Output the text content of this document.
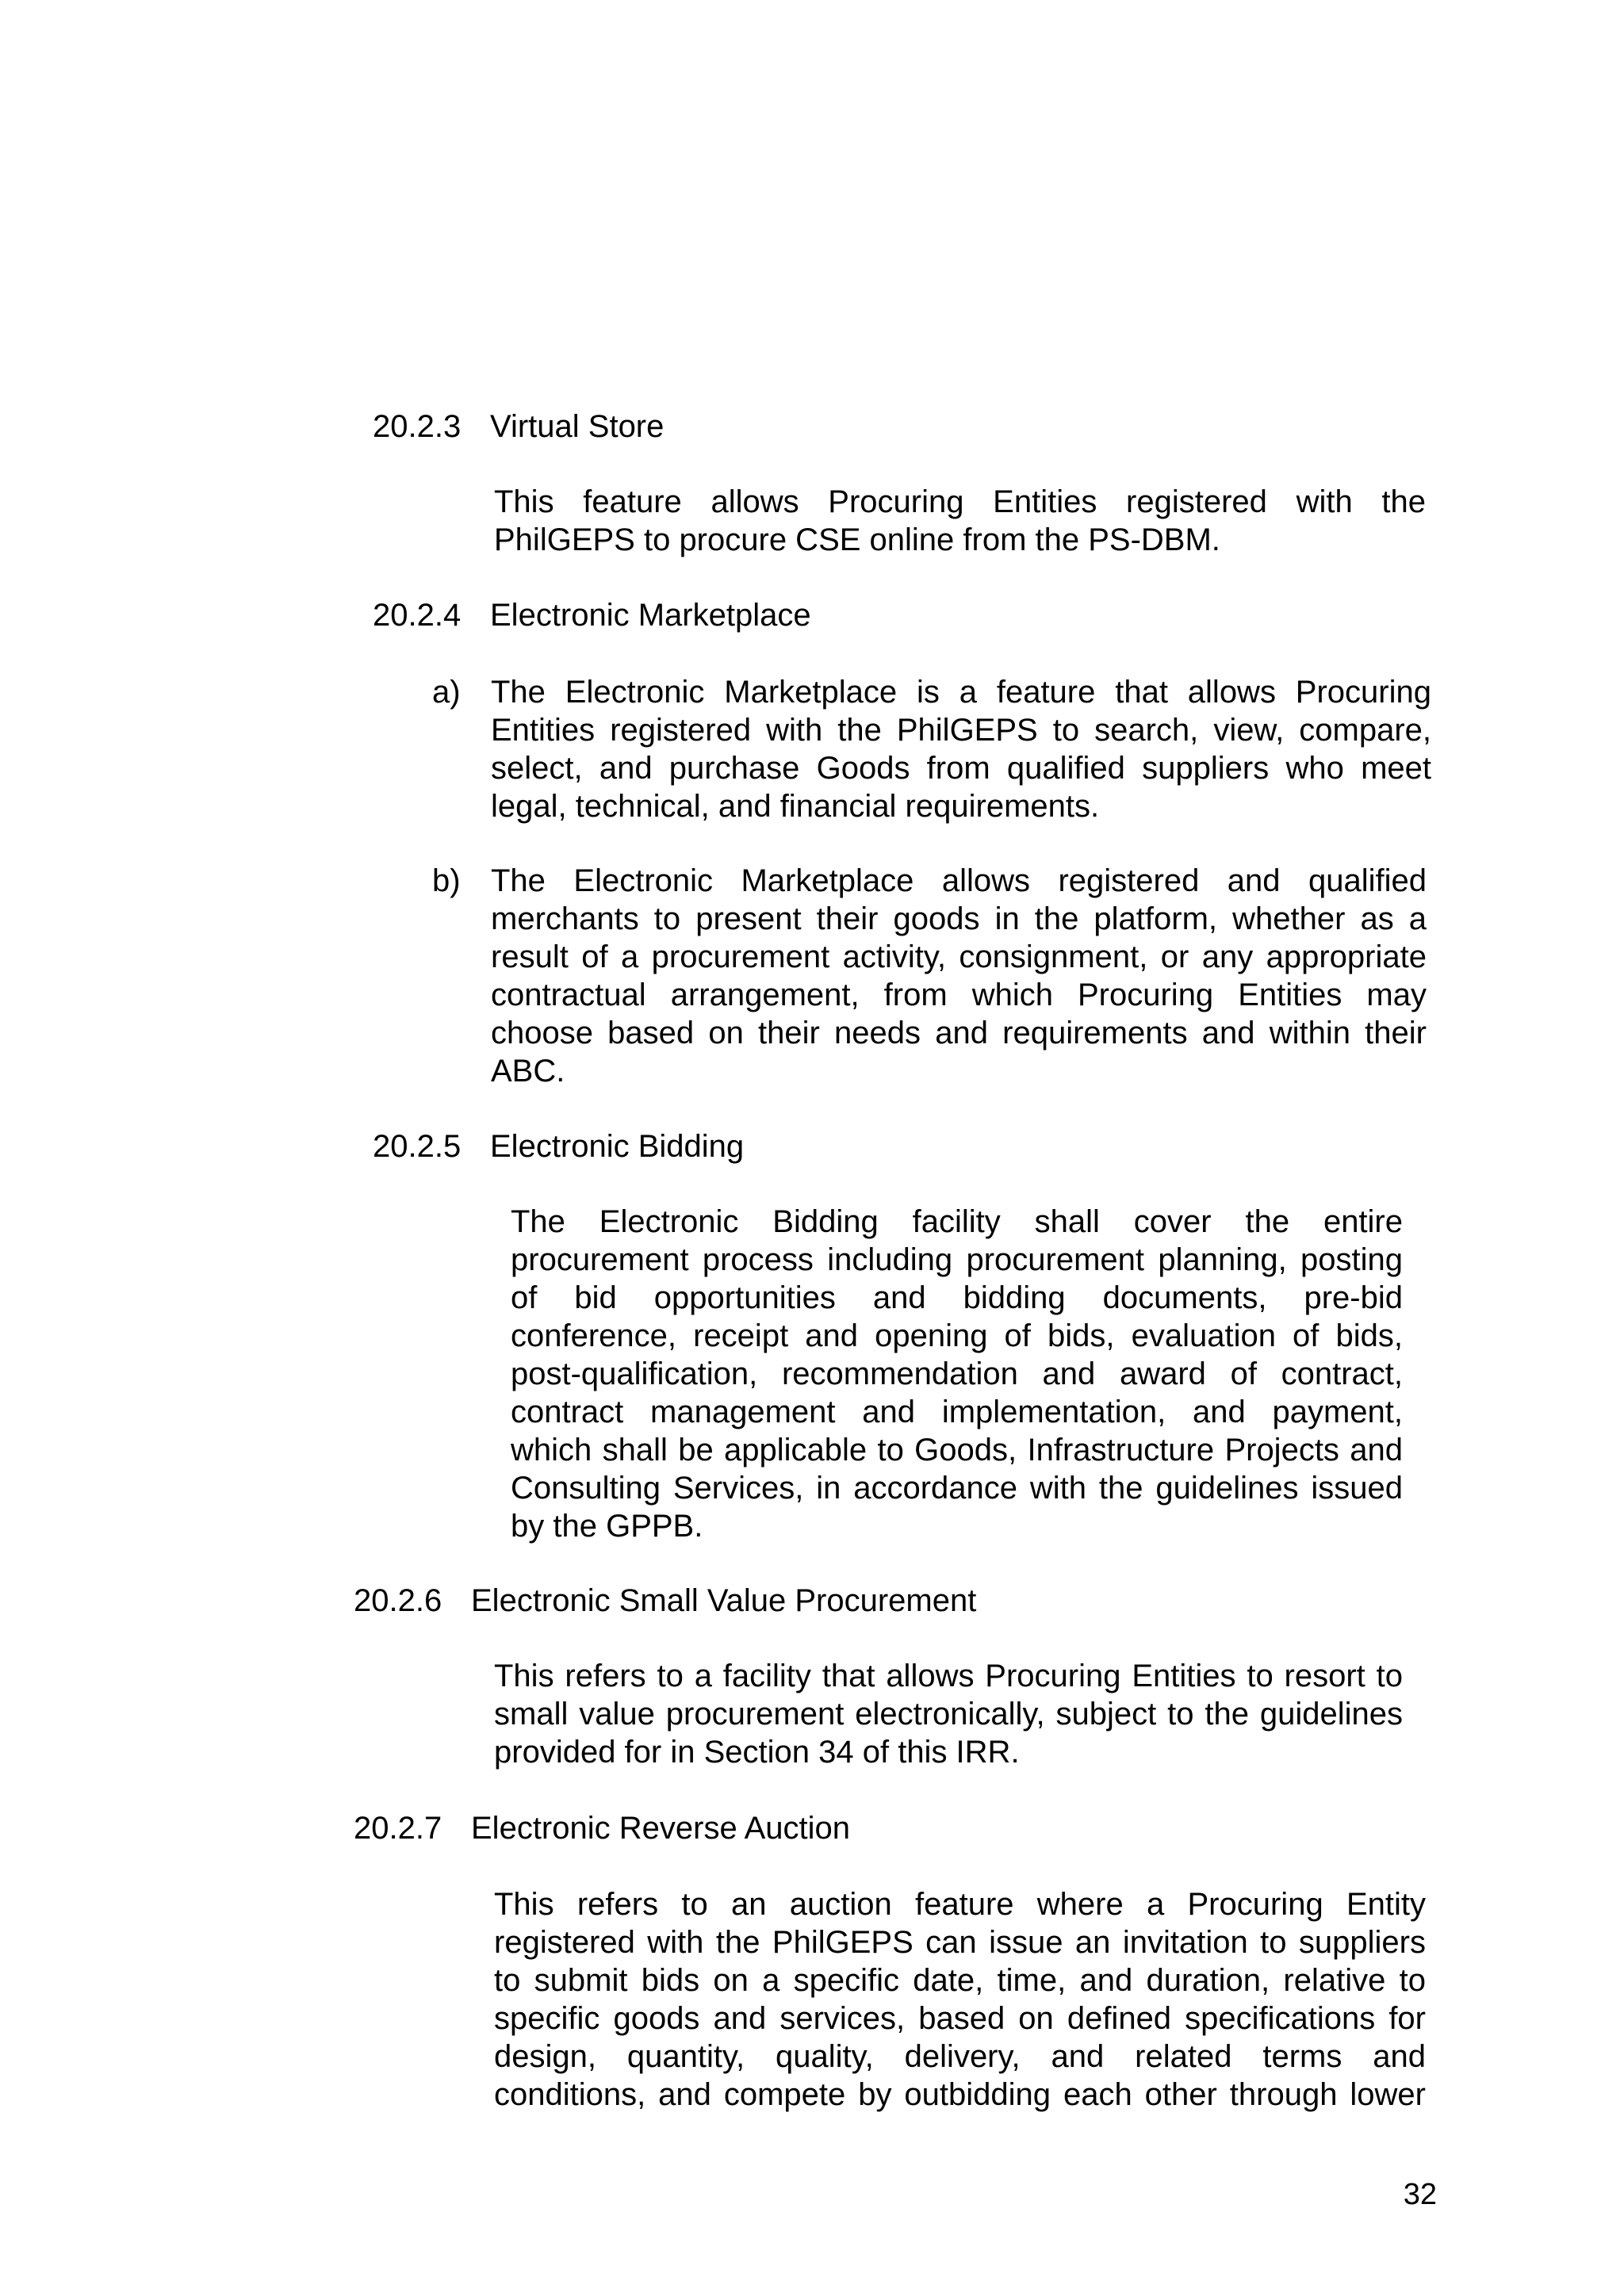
20.2.3 Virtual Store

This feature allows Procuring Entities registered with the PhilGEPS to procure CSE online from the PS-DBM.

20.2.4 Electronic Marketplace
a) The Electronic Marketplace is a feature that allows Procuring Entities registered with the PhilGEPS to search, view, compare, select, and purchase Goods from qualified suppliers who meet legal, technical, and financial requirements.

b) The Electronic Marketplace allows registered and qualified merchants to present their goods in the platform, whether as a result of a procurement activity, consignment, or any appropriate contractual arrangement, from which Procuring Entities may choose based on their needs and requirements and within their ABC.

20.2.5 Electronic Bidding

The Electronic Bidding facility shall cover the entire procurement process including procurement planning, posting of bid opportunities and bidding documents, pre-bid conference, receipt and opening of bids, evaluation of bids, post-qualification, recommendation and award of contract, contract management and implementation, and payment, which shall be applicable to Goods, Infrastructure Projects and Consulting Services, in accordance with the guidelines issued by the GPPB.

20.2.6 Electronic Small Value Procurement

This refers to a facility that allows Procuring Entities to resort to small value procurement electronically, subject to the guidelines provided for in Section 34 of this IRR.

20.2.7 Electronic Reverse Auction

This refers to an auction feature where a Procuring Entity registered with the PhilGEPS can issue an invitation to suppliers to submit bids on a specific date, time, and duration, relative to specific goods and services, based on defined specifications for design, quantity, quality, delivery, and related terms and conditions, and compete by outbidding each other through lower

32
